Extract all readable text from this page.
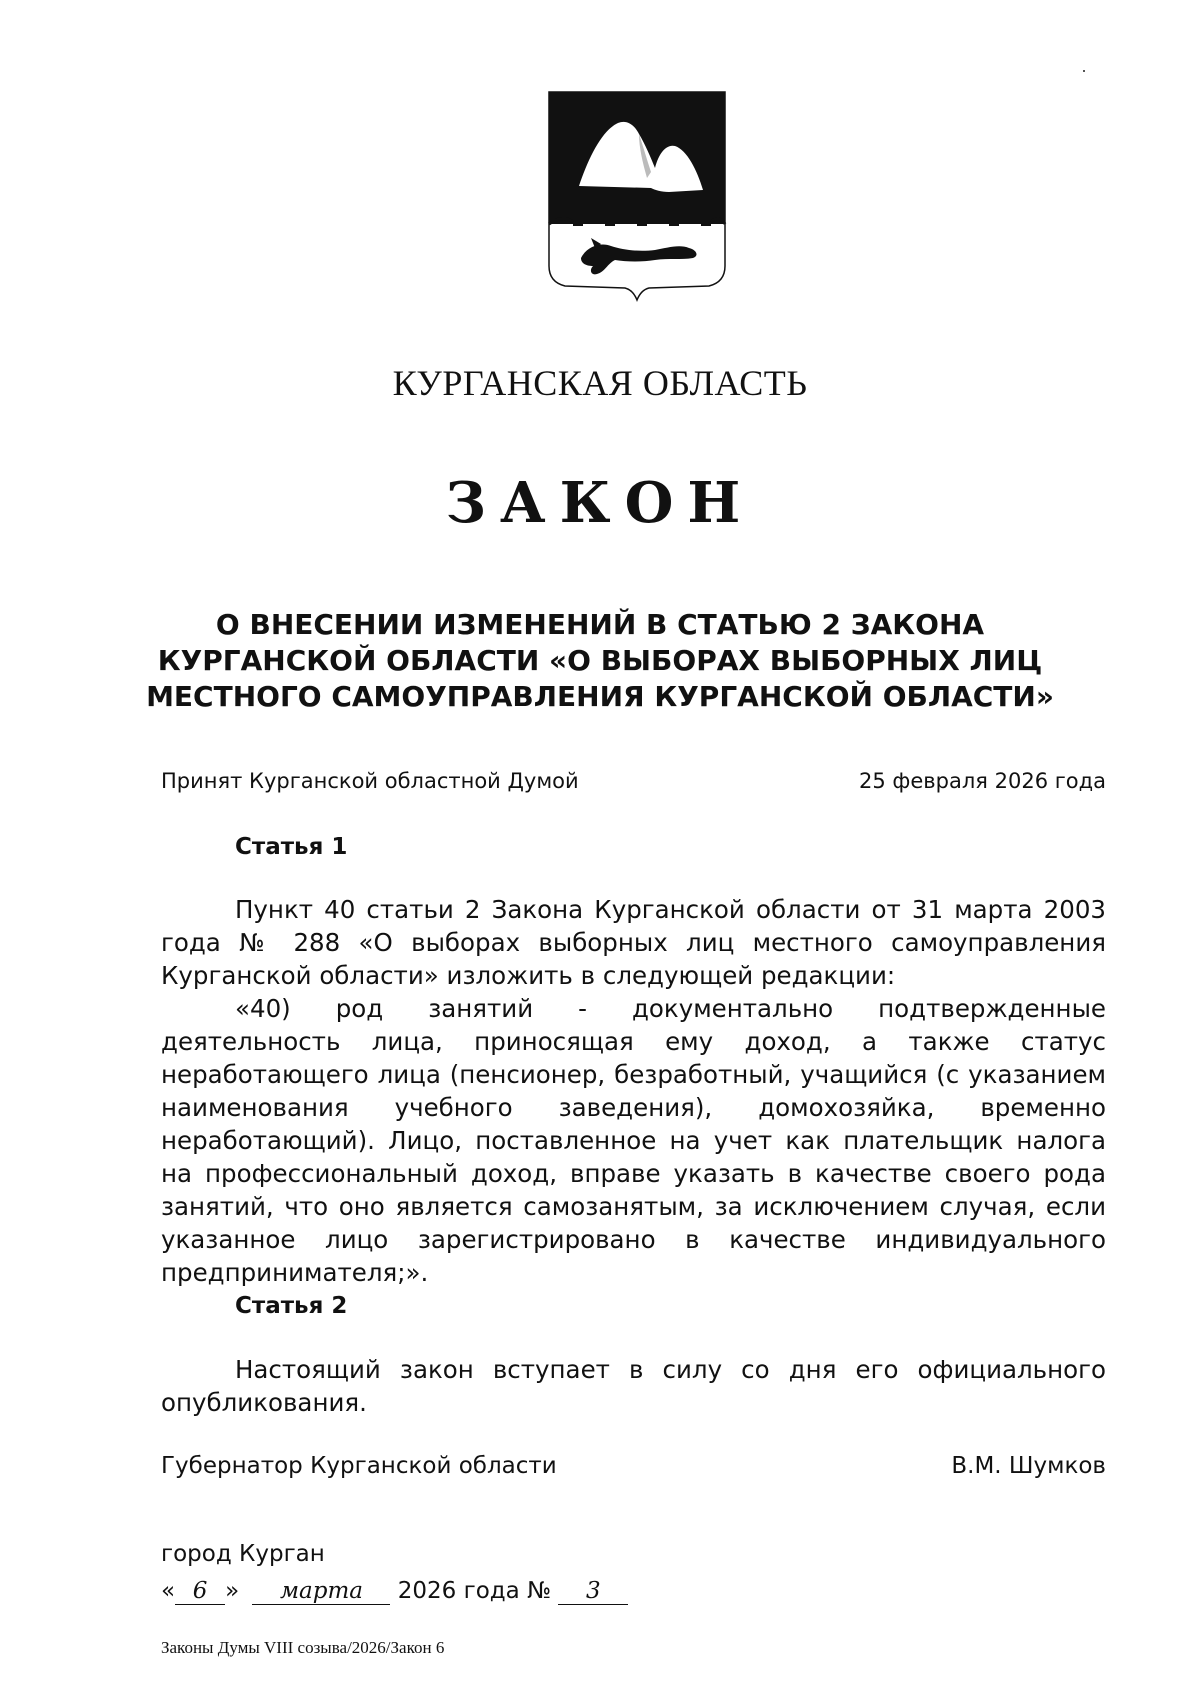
КУРГАНСКАЯ ОБЛАСТЬ
ЗАКОН
О ВНЕСЕНИИ ИЗМЕНЕНИЙ В СТАТЬЮ 2 ЗАКОНА
КУРГАНСКОЙ ОБЛАСТИ «О ВЫБОРАХ ВЫБОРНЫХ ЛИЦ
МЕСТНОГО САМОУПРАВЛЕНИЯ КУРГАНСКОЙ ОБЛАСТИ»
Принят Курганской областной Думой	25 февраля 2026 года
Статья 1

Пункт 40 статьи 2 Закона Курганской области от 31 марта 2003 года № 288 «О выборах выборных лиц местного самоуправления Курганской области» изложить в следующей редакции:

«40) род занятий - документально подтвержденные деятельность лица, приносящая ему доход, а также статус неработающего лица (пенсионер, безработный, учащийся (с указанием наименования учебного заведения), домохозяйка, временно неработающий). Лицо, поставленное на учет как плательщик налога на профессиональный доход, вправе указать в качестве своего рода занятий, что оно является самозанятым, за исключением случая, если указанное лицо зарегистрировано в качестве индивидуального предпринимателя;».

Статья 2

Настоящий закон вступает в силу со дня его официального опубликования.

Губернатор Курганской области	В.М. Шумков
город Курган
« 6 » марта 2026 года № 3
Законы Думы VIII созыва/2026/Закон 6
